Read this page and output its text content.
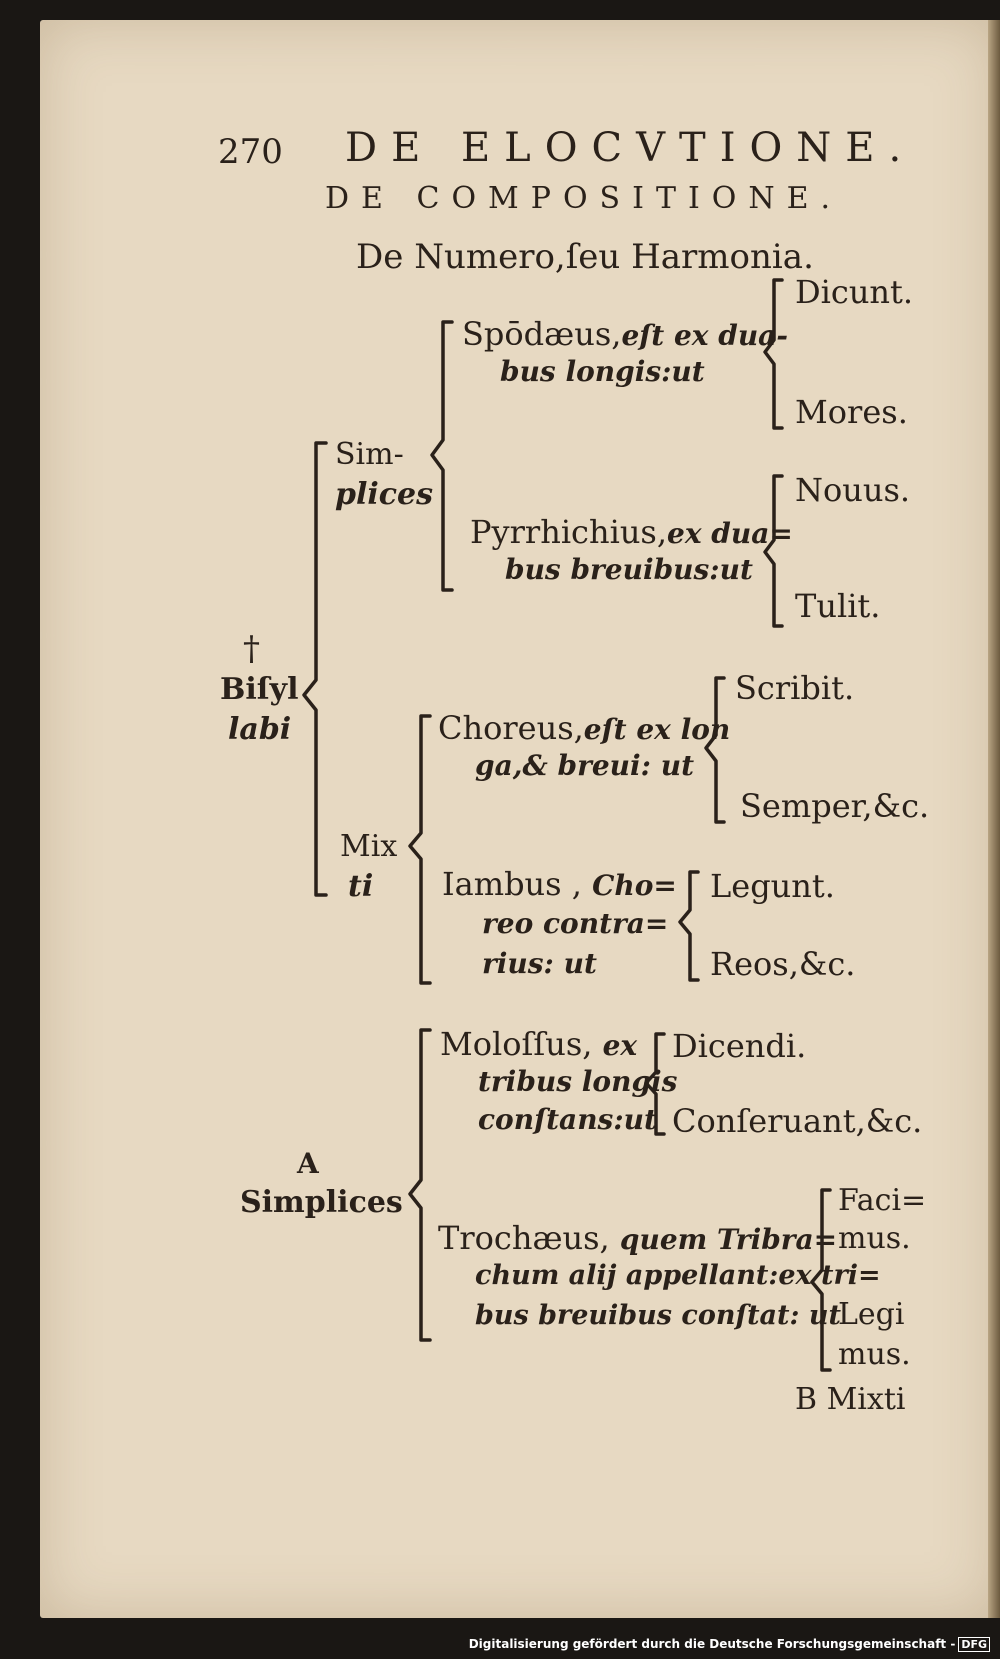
270 DE ELOCVTIONE.
DE COMPOSITIONE.
De Numero,ſeu Harmonia.
†
Biſyl
labi
Sim-
plices
Mix
ti
A
Simplices
Spōdæus,eſt ex dua-
bus longis:ut
Dicunt.
Mores.
Pyrrhichius,ex dua=
bus breuibus:ut
Nouus.
Tulit.
Choreus,eſt ex lon
ga,& breui: ut
Scribit.
Semper,&c.
Iambus , Cho=
reo contra=
rius: ut
Legunt.
Reos,&c.
Moloſſus, ex
tribus longis
conſtans:ut
Dicendi.
Conſeruant,&c.
Trochæus, quem Tribra=
chum alij appellant:ex tri=
bus breuibus conſtat: ut
Faci=
mus.
Legi
mus.
B Mixti
Digitalisierung gefördert durch die Deutsche Forschungsgemeinschaft - DFG
